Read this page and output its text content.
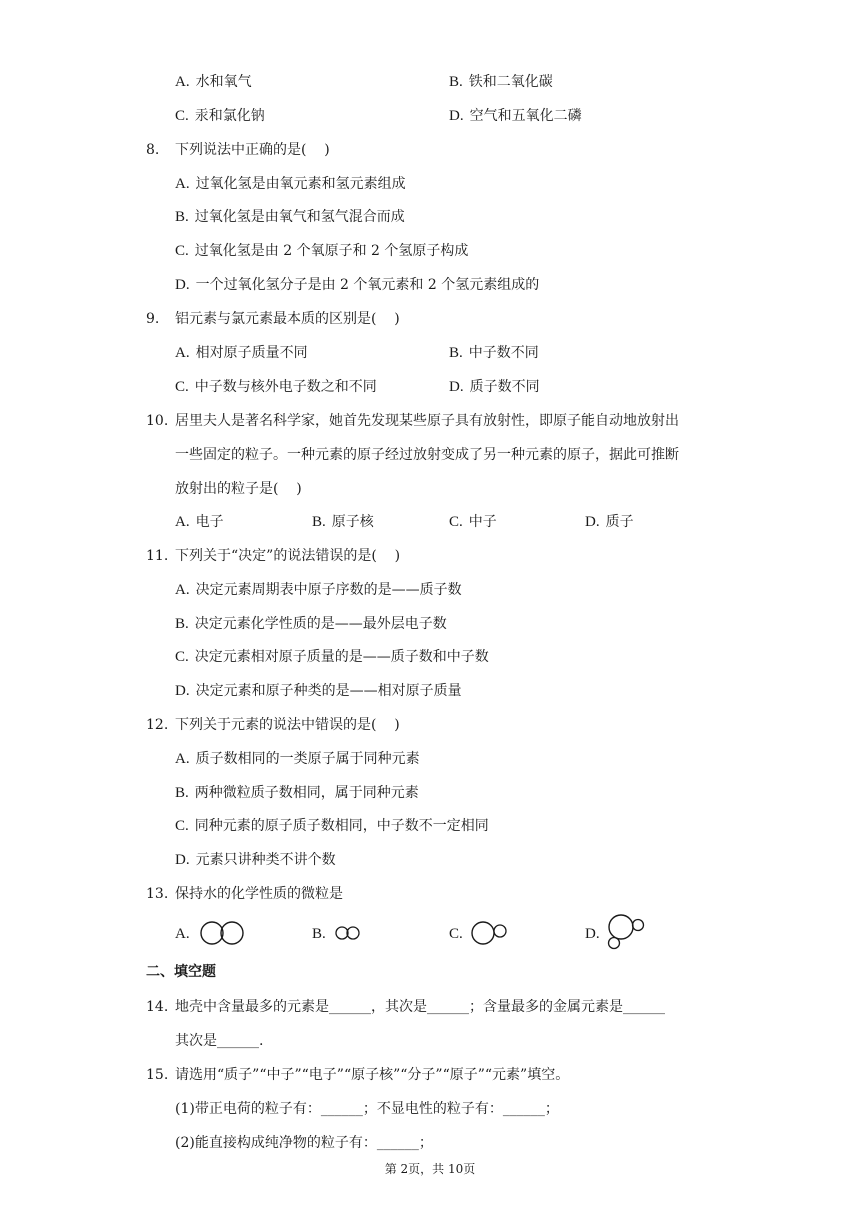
A. 水和氧气	B. 铁和二氧化碳
C. 汞和氯化钠	D. 空气和五氧化二磷
8. 下列说法中正确的是(    )
A. 过氧化氢是由氧元素和氢元素组成
B. 过氧化氢是由氧气和氢气混合而成
C. 过氧化氢是由 2 个氧原子和 2 个氢原子构成
D. 一个过氧化氢分子是由 2 个氧元素和 2 个氢元素组成的
9. 铝元素与氯元素最本质的区别是(    )
A. 相对原子质量不同	B. 中子数不同
C. 中子数与核外电子数之和不同	D. 质子数不同
10. 居里夫人是著名科学家，她首先发现某些原子具有放射性，即原子能自动地放射出
一些固定的粒子。一种元素的原子经过放射变成了另一种元素的原子，据此可推断
放射出的粒子是(    )
A. 电子	B. 原子核	C. 中子	D. 质子
11. 下列关于“决定”的说法错误的是(    )
A. 决定元素周期表中原子序数的是——质子数
B. 决定元素化学性质的是——最外层电子数
C. 决定元素相对原子质量的是——质子数和中子数
D. 决定元素和原子种类的是——相对原子质量
12. 下列关于元素的说法中错误的是(    )
A. 质子数相同的一类原子属于同种元素
B. 两种微粒质子数相同，属于同种元素
C. 同种元素的原子质子数相同，中子数不一定相同
D. 元素只讲种类不讲个数
13. 保持水的化学性质的微粒是
A.	B.	C.	D.
二、填空题
14. 地壳中含量最多的元素是______，其次是______；含量最多的金属元素是______
其次是______.
15. 请选用“质子”“中子”“电子”“原子核”“分子”“原子”“元素”填空。
(1)带正电荷的粒子有：______；不显电性的粒子有：______；
(2)能直接构成纯净物的粒子有：______；
第 2页，共 10页
